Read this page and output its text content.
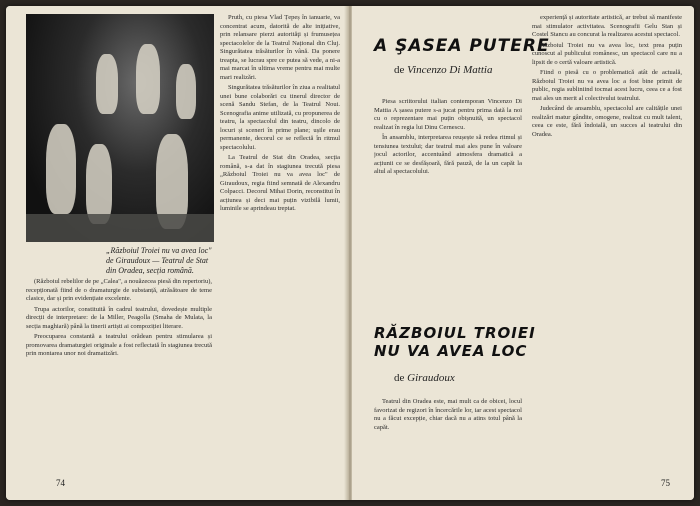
„Războiul Troiei nu va avea loc" de Giraudoux — Teatrul de Stat din Oradea, secția română.

Pruth, cu piesa Vlad Țepeș în ianuarie, va concentrat acum, datorită de alte inițiative, prin relansare pierzi autorităţi și frumusețea spectacolelor de la Teatrul Național din Cluj. Singurătatea trăsăturilor în vână. Da ponere treapta, se lucrau spre ce putea să vede, a ni-a mai marcat în ultima vreme pentru mai multe mari realizări.

Singurătatea trăsăturilor în ziua a realitatul unei bune colaborări cu tinerul director de scenă Sandu Stefan, de la Teatrul Noui. Scenografia anime utilizată, cu propunerea de teatru, la spectacolul din teatru, dincolo de locuri și sceneri în prime plane; ușile erau permanente, decorul ce se reflectă în ritmul spectacolului.

La Teatrul de Stat din Oradea, secția română, s-a dat în stagiunea trecută piesa „Războiul Troiei nu va avea loc" de Giraudoux, regia fiind semnată de Alexandru Colpacci. Decorul Mihai Dorin, reconstitui în acțiunea și deci mai puțin vizibilă lumii, luminile se aprindeau treptat.

(Războiul rebelilor de pe „Calea", a nouăzecea piesă din repertoriu), recepționată fiind de o dramaturgie de substanță, atrăsătoare de teme clasice, dar și prin evidențiate excelente.

Trupa actorilor, constituită în cadrul teatrului, dovedește multiple direcții de interpretare: de la Miller, Peagolla (Smaha de Mulata, la secția maghiară) până la tinerii artiști ai compoziției literare.

Preocuparea constantă a teatrului orădean pentru stimularea și promovarea dramaturgiei originale a fost reflectată în stagiunea trecută prin montarea unor noi dramatizări.

74
A ŞASEA PUTERE
de Vincenzo Di Mattia

Piesa scriitorului italian contemporan Vincenzo Di Mattia A șasea putere s-a jucat pentru prima dată la noi cu o reprezentare mai puțin obișnuită, un spectacol realizat în regia lui Dinu Cernescu.

În ansamblu, interpretarea reușește să redea ritmul și tensiunea textului; dar teatrul mai ales pune în valoare jocul actorilor, accentuând atmosfera dramatică a acțiunii ce se desfășoară, fără pauză, de la un capăt la altul al spectacolului.

RĂZBOIUL TROIEI
NU VA AVEA LOC
de Giraudoux

Teatrul din Oradea este, mai mult ca de obicei, locul favorizat de regizori în încercările lor, iar acest spectacol nu a făcut excepție, chiar dacă nu a atins totul până la capăt.

experiență și autoritate artistică, ar trebui să manifeste mai stimulator activitatea. Scenografii Gelu Stan și Costel Stancu au concurat la realizarea acestui spectacol.

Războiul Troiei nu va avea loc, text prea puțin cunoscut al publicului românesc, un spectacol care nu a lipsit de o certă valoare artistică.

Fiind o piesă cu o problematică atât de actuală, Războiul Troiei nu va avea loc a fost bine primit de public, regia subliniind tocmai acest lucru, ceea ce a fost mai ales un merit al colectivului teatrului.

Judecând de ansamblu, spectacolul are calitățile unei realizări matur gândite, omogene, realizat cu mult talent, ceea ce este, fără îndoială, un succes al teatrului din Oradea.

75
